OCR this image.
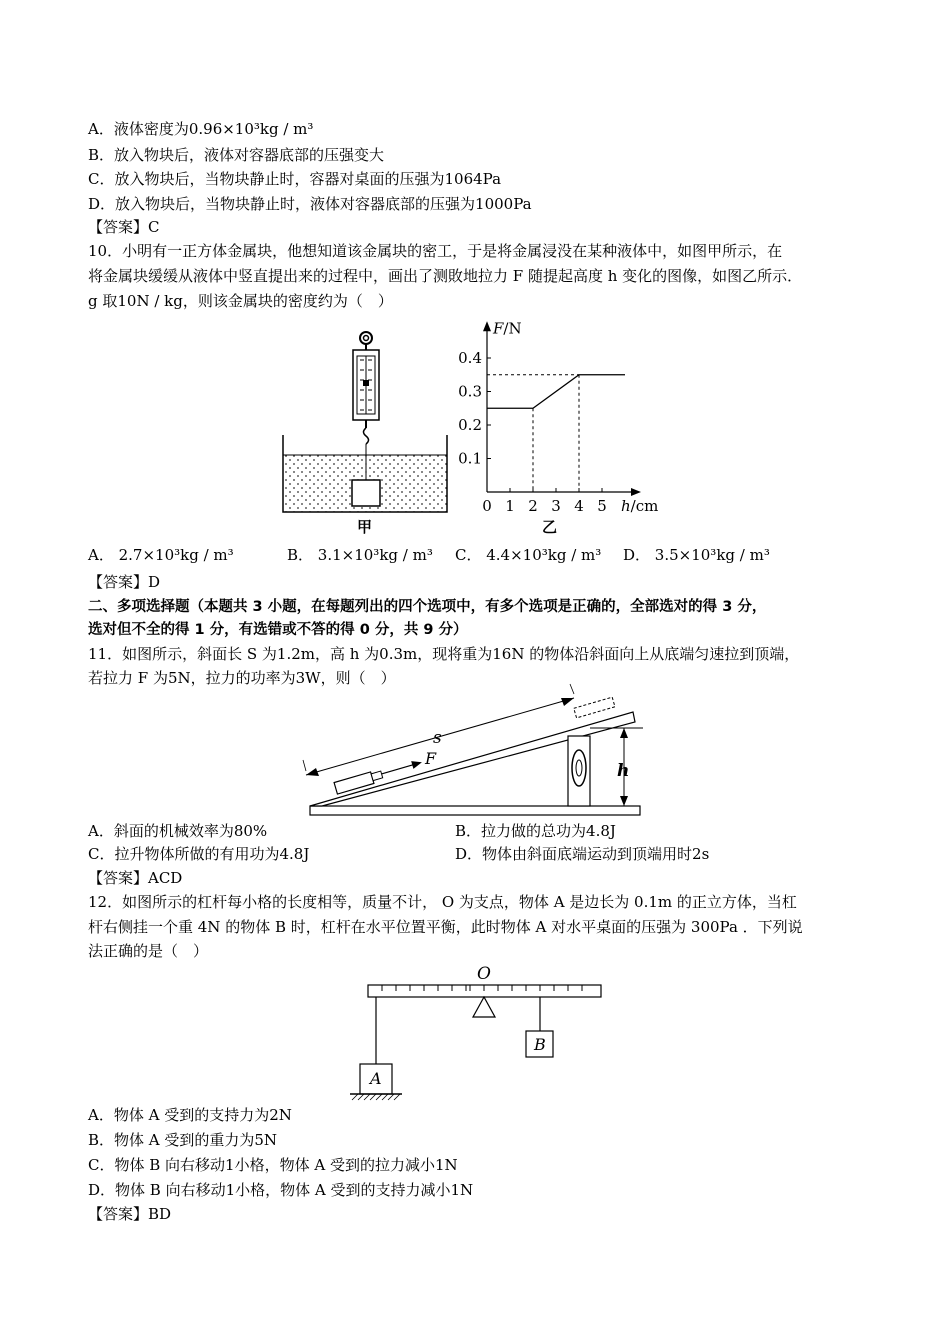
A．液体密度为0.96×10³kg / m³
B．放入物块后，液体对容器底部的压强变大
C．放入物块后，当物块静止时，容器对桌面的压强为1064Pa
D．放入物块后，当物块静止时，液体对容器底部的压强为1000Pa
【答案】C
10．小明有一正方体金属块，他想知道该金属块的密工，于是将金属浸没在某种液体中，如图甲所示，在
将金属块缓缓从液体中竖直提出来的过程中，画出了测敗地拉力 F 随提起高度 h 变化的图像，如图乙所示．
g 取10N / kg，则该金属块的密度约为（　）
甲
0 1 2 3 4 5
0.1
0.2
0.3
0.4
h/cm
F/N
乙
A． 2.7×10³kg / m³	B． 3.1×10³kg / m³ C． 4.4×10³kg / m³ D． 3.5×10³kg / m³
【答案】D
二、多项选择题（本题共 3 小题，在每题列出的四个选项中，有多个选项是正确的，全部选对的得 3 分，
选对但不全的得 1 分，有选错或不答的得 0 分，共 9 分）
11．如图所示，斜面长 S 为1.2m，高 h 为0.3m，现将重为16N 的物体沿斜面向上从底端匀速拉到顶端，
若拉力 F 为5N，拉力的功率为3W，则（　）
s
F
h
A．斜面的机械效率为80%	B．拉力做的总功为4.8J
C．拉升物体所做的有用功为4.8J	D．物体由斜面底端运动到顶端用时2s
【答案】ACD
12．如图所示的杠杆每小格的长度相等，质量不计， O 为支点，物体 A 是边长为 0.1m 的正立方体，当杠
杆右侧挂一个重 4N 的物体 B 时，杠杆在水平位置平衡，此时物体 A 对水平桌面的压强为 300Pa ．下列说
法正确的是（　）
O
A
B
A．物体 A 受到的支持力为2N
B．物体 A 受到的重力为5N
C．物体 B 向右移动1小格，物体 A 受到的拉力减小1N
D．物体 B 向右移动1小格，物体 A 受到的支持力减小1N
【答案】BD
